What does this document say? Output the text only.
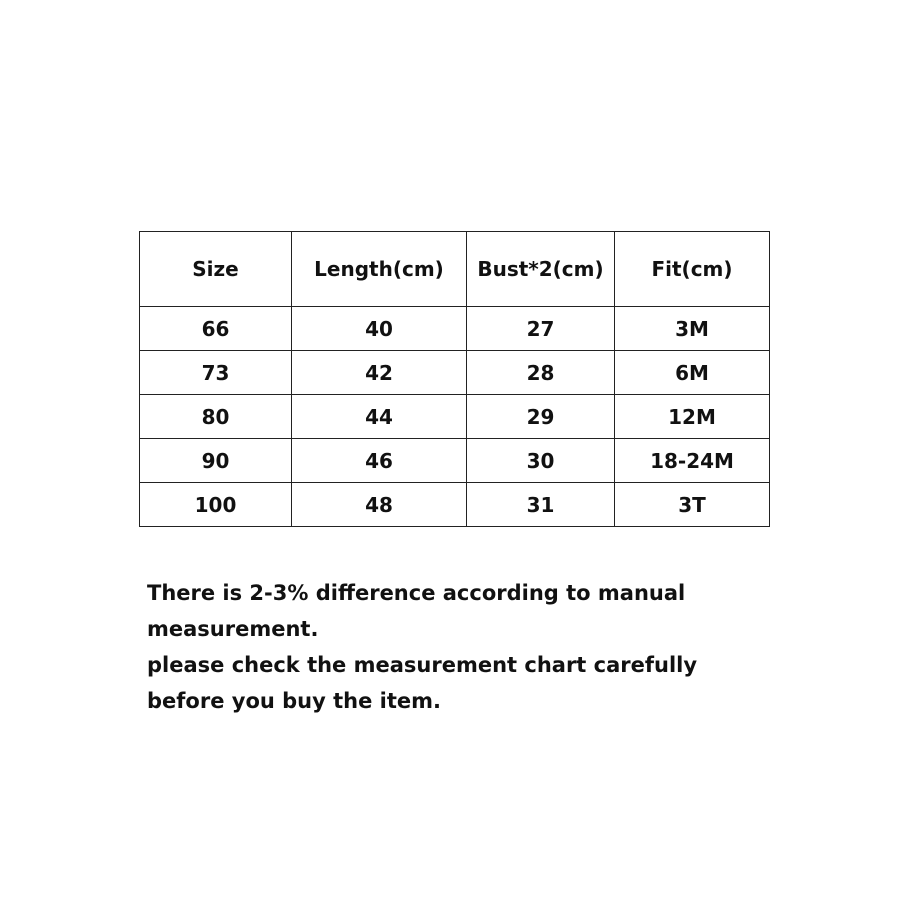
Size	Length(cm)	Bust*2(cm)	Fit(cm)
66	40	27	3M
73	42	28	6M
80	44	29	12M
90	46	30	18-24M
100	48	31	3T

There is 2-3% difference according to manual measurement.

please check the measurement chart carefully before you buy the item.
